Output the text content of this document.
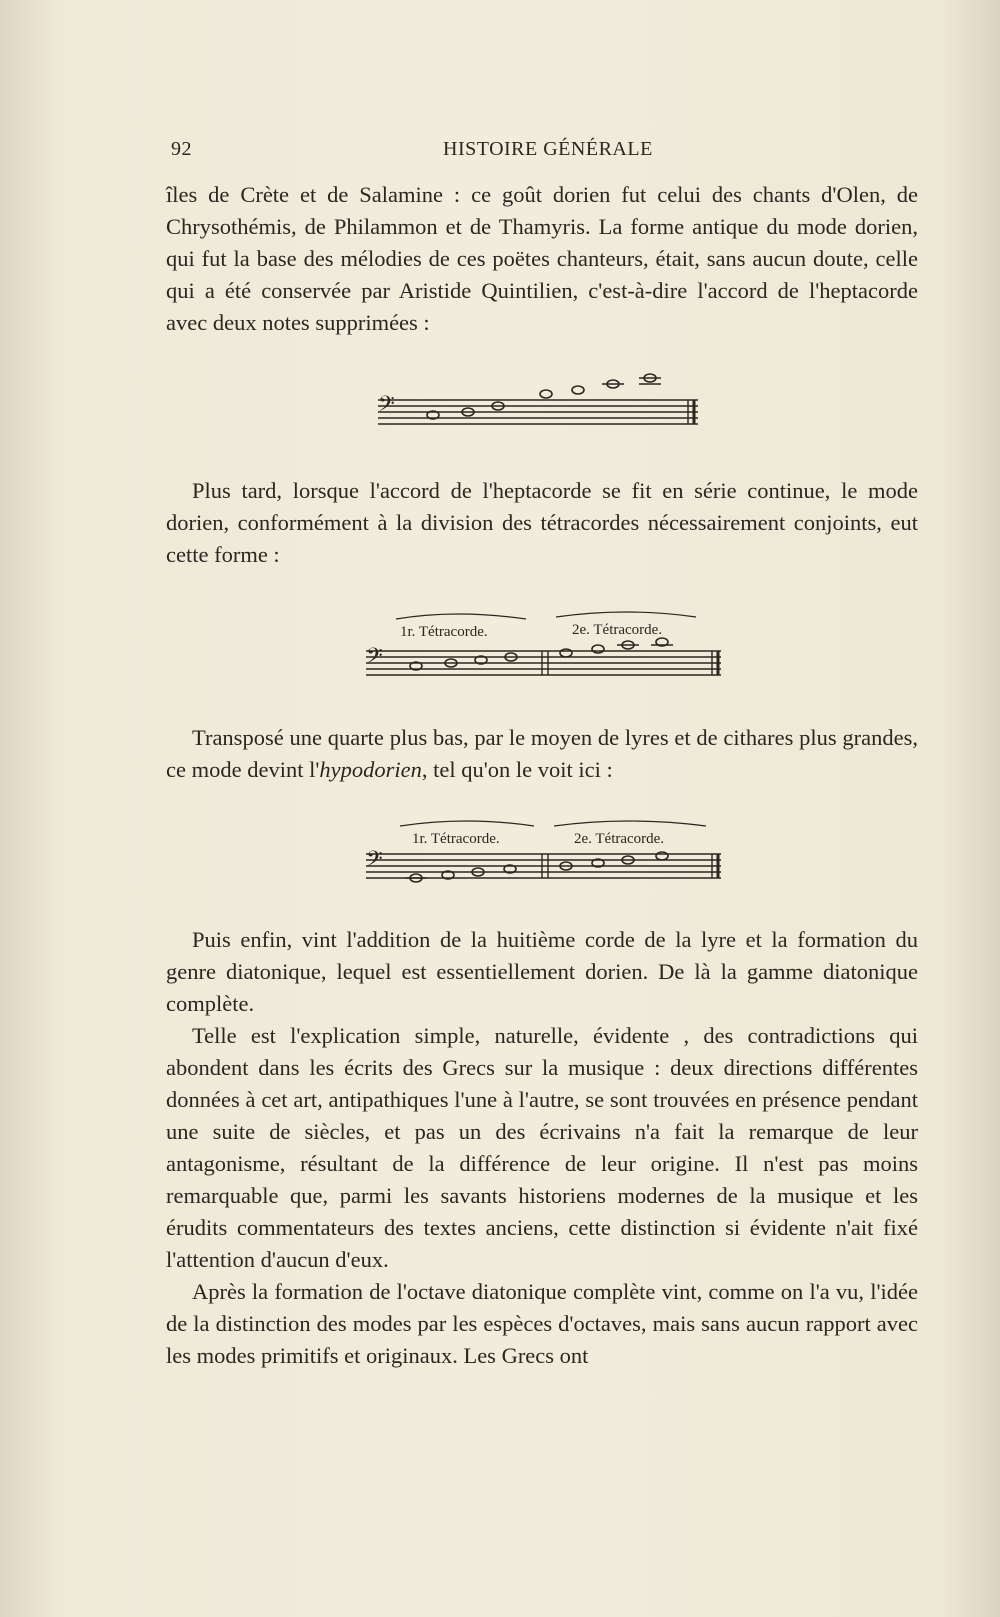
92	HISTOIRE GÉNÉRALE

îles de Crète et de Salamine : ce goût dorien fut celui des chants d'Olen, de Chrysothémis, de Philammon et de Thamyris. La forme antique du mode dorien, qui fut la base des mélodies de ces poëtes chanteurs, était, sans aucun doute, celle qui a été conservée par Aristide Quintilien, c'est-à-dire l'accord de l'heptacorde avec deux notes supprimées :

𝄢

Plus tard, lorsque l'accord de l'heptacorde se fit en série continue, le mode dorien, conformément à la division des tétracordes nécessairement conjoints, eut cette forme :

1r. Tétracorde.	2e. Tétracorde.
𝄢

Transposé une quarte plus bas, par le moyen de lyres et de cithares plus grandes, ce mode devint l'hypodorien, tel qu'on le voit ici :

1r. Tétracorde.	2e. Tétracorde.
𝄢

Puis enfin, vint l'addition de la huitième corde de la lyre et la formation du genre diatonique, lequel est essentiellement dorien. De là la gamme diatonique complète.

Telle est l'explication simple, naturelle, évidente , des contradictions qui abondent dans les écrits des Grecs sur la musique : deux directions différentes données à cet art, antipathiques l'une à l'autre, se sont trouvées en présence pendant une suite de siècles, et pas un des écrivains n'a fait la remarque de leur antagonisme, résultant de la différence de leur origine. Il n'est pas moins remarquable que, parmi les savants historiens modernes de la musique et les érudits commentateurs des textes anciens, cette distinction si évidente n'ait fixé l'attention d'aucun d'eux.

Après la formation de l'octave diatonique complète vint, comme on l'a vu, l'idée de la distinction des modes par les espèces d'octaves, mais sans aucun rapport avec les modes primitifs et originaux. Les Grecs ont
